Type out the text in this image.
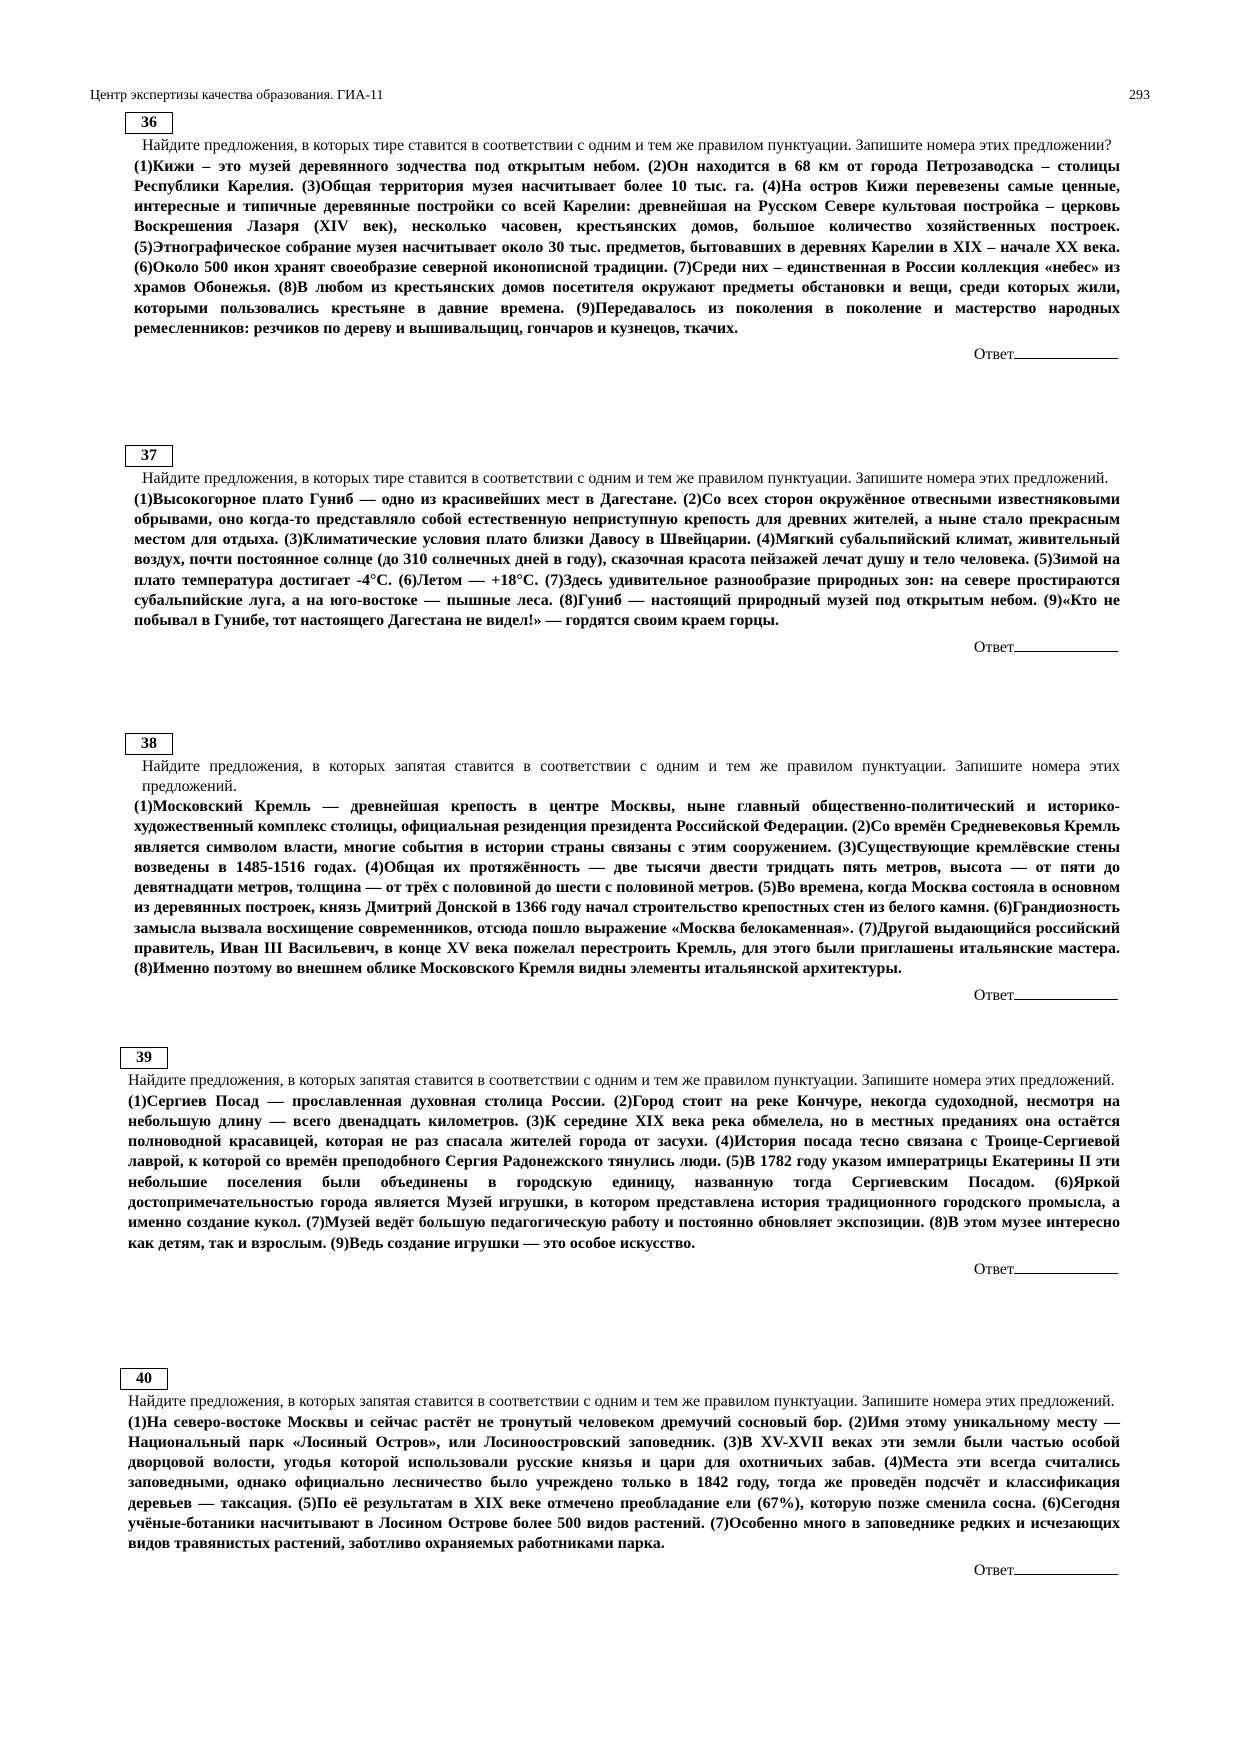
Центр экспертизы качества образования. ГИА-11	293
36
Найдите предложения, в которых тире ставится в соответствии с одним и тем же правилом пунктуации. Запишите номера этих предложении?
(1)Кижи – это музей деревянного зодчества под открытым небом. (2)Он находится в 68 км от города Петрозаводска – столицы Республики Карелия. (3)Общая территория музея насчитывает более 10 тыс. га. (4)На остров Кижи перевезены самые ценные, интересные и типичные деревянные постройки со всей Карелии: древнейшая на Русском Севере культовая постройка – церковь Воскрешения Лазаря (XIV век), несколько часовен, крестьянских домов, большое количество хозяйственных построек. (5)Этнографическое собрание музея насчитывает около 30 тыс. предметов, бытовавших в деревнях Карелии в XIX – начале XX века. (6)Около 500 икон хранят своеобразие северной иконописной традиции. (7)Среди них – единственная в России коллекция «небес» из храмов Обонежья. (8)В любом из крестьянских домов посетителя окружают предметы обстановки и вещи, среди которых жили, которыми пользовались крестьяне в давние времена. (9)Передавалось из поколения в поколение и мастерство народных ремесленников: резчиков по дереву и вышивальщиц, гончаров и кузнецов, ткачих.
Ответ
37
Найдите предложения, в которых тире ставится в соответствии с одним и тем же правилом пунктуации. Запишите номера этих предложений.
(1)Высокогорное плато Гуниб — одно из красивейших мест в Дагестане. (2)Со всех сторон окружённое отвесными известняковыми обрывами, оно когда-то представляло собой естественную неприступную крепость для древних жителей, а ныне стало прекрасным местом для отдыха. (3)Климатические условия плато близки Давосу в Швейцарии. (4)Мягкий субальпийский климат, живительный воздух, почти постоянное солнце (до 310 солнечных дней в году), сказочная красота пейзажей лечат душу и тело человека. (5)Зимой на плато температура достигает -4°С. (6)Летом — +18°С. (7)Здесь удивительное разнообразие природных зон: на севере простираются субальпийские луга, а на юго-востоке — пышные леса. (8)Гуниб — настоящий природный музей под открытым небом. (9)«Кто не побывал в Гунибе, тот настоящего Дагестана не видел!» — гордятся своим краем горцы.
Ответ
38
Найдите предложения, в которых запятая ставится в соответствии с одним и тем же правилом пунктуации. Запишите номера этих предложений.
(1)Московский Кремль — древнейшая крепость в центре Москвы, ныне главный общественно-политический и историко-художественный комплекс столицы, официальная резиденция президента Российской Федерации. (2)Со времён Средневековья Кремль является символом власти, многие события в истории страны связаны с этим сооружением. (3)Существующие кремлёвские стены возведены в 1485-1516 годах. (4)Общая их протяжённость — две тысячи двести тридцать пять метров, высота — от пяти до девятнадцати метров, толщина — от трёх с половиной до шести с половиной метров. (5)Во времена, когда Москва состояла в основном из деревянных построек, князь Дмитрий Донской в 1366 году начал строительство крепостных стен из белого камня. (6)Грандиозность замысла вызвала восхищение современников, отсюда пошло выражение «Москва белокаменная». (7)Другой выдающийся российский правитель, Иван III Васильевич, в конце XV века пожелал перестроить Кремль, для этого были приглашены итальянские мастера. (8)Именно поэтому во внешнем облике Московского Кремля видны элементы итальянской архитектуры.
Ответ
39
Найдите предложения, в которых запятая ставится в соответствии с одним и тем же правилом пунктуации. Запишите номера этих предложений.
(1)Сергиев Посад — прославленная духовная столица России. (2)Город стоит на реке Кончуре, некогда судоходной, несмотря на небольшую длину — всего двенадцать километров. (3)К середине XIX века река обмелела, но в местных преданиях она остаётся полноводной красавицей, которая не раз спасала жителей города от засухи. (4)История посада тесно связана с Троице-Сергиевой лаврой, к которой со времён преподобного Сергия Радонежского тянулись люди. (5)В 1782 году указом императрицы Екатерины II эти небольшие поселения были объединены в городскую единицу, названную тогда Сергиевским Посадом. (6)Яркой достопримечательностью города является Музей игрушки, в котором представлена история традиционного городского промысла, а именно создание кукол. (7)Музей ведёт большую педагогическую работу и постоянно обновляет экспозиции. (8)В этом музее интересно как детям, так и взрослым. (9)Ведь создание игрушки — это особое искусство.
Ответ
40
Найдите предложения, в которых запятая ставится в соответствии с одним и тем же правилом пунктуации. Запишите номера этих предложений.
(1)На северо-востоке Москвы и сейчас растёт не тронутый человеком дремучий сосновый бор. (2)Имя этому уникальному месту — Национальный парк «Лосиный Остров», или Лосиноостровский заповедник. (3)В XV-XVII веках эти земли были частью особой дворцовой волости, угодья которой использовали русские князья и цари для охотничьих забав. (4)Места эти всегда считались заповедными, однако официально лесничество было учреждено только в 1842 году, тогда же проведён подсчёт и классификация деревьев — таксация. (5)По её результатам в XIX веке отмечено преобладание ели (67%), которую позже сменила сосна. (6)Сегодня учёные-ботаники насчитывают в Лосином Острове более 500 видов растений. (7)Особенно много в заповеднике редких и исчезающих видов травянистых растений, заботливо охраняемых работниками парка.
Ответ
